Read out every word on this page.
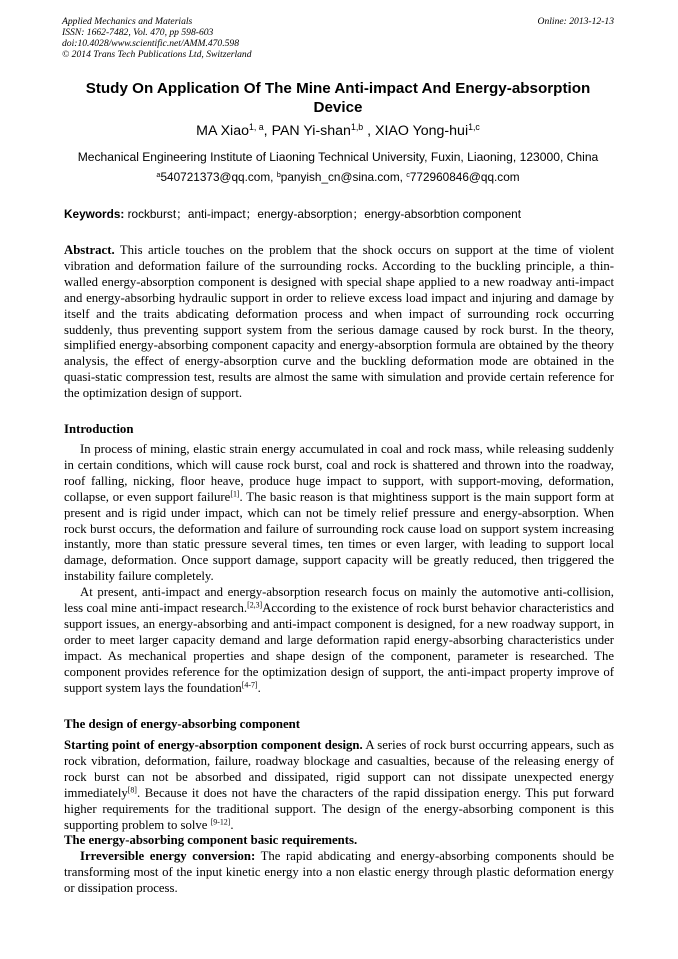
Applied Mechanics and Materials
ISSN: 1662-7482, Vol. 470, pp 598-603
doi:10.4028/www.scientific.net/AMM.470.598
© 2014 Trans Tech Publications Ltd, Switzerland
Online: 2013-12-13
Study On Application Of The Mine Anti-impact And Energy-absorption Device
MA Xiao$^{1, a}$, PAN Yi-shan$^{1,b}$ , XIAO Yong-hui$^{1,c}$
Mechanical Engineering Institute of Liaoning Technical University, Fuxin, Liaoning, 123000, China
$^a$540721373@qq.com, $^b$panyish_cn@sina.com, $^c$772960846@qq.com
Keywords: rockburst；anti-impact；energy-absorption；energy-absorbtion component

Abstract. This article touches on the problem that the shock occurs on support at the time of violent vibration and deformation failure of the surrounding rocks. According to the buckling principle, a thin-walled energy-absorption component is designed with special shape applied to a new roadway anti-impact and energy-absorbing hydraulic support in order to relieve excess load impact and injuring and damage by itself and the traits abdicating deformation process and when impact of surrounding rock occurring suddenly, thus preventing support system from the serious damage caused by rock burst. In the theory, simplified energy-absorbing component capacity and energy-absorption formula are obtained by the theory analysis, the effect of energy-absorption curve and the buckling deformation mode are obtained in the quasi-static compression test, results are almost the same with simulation and provide certain reference for the optimization design of support.

Introduction

In process of mining, elastic strain energy accumulated in coal and rock mass, while releasing suddenly in certain conditions, which will cause rock burst, coal and rock is shattered and thrown into the roadway, roof falling, nicking, floor heave, produce huge impact to support, with support-moving, deformation, collapse, or even support failure[1]. The basic reason is that mightiness support is the main support form at present and is rigid under impact, which can not be timely relief pressure and energy-absorption. When rock burst occurs, the deformation and failure of surrounding rock cause load on support system increasing instantly, more than static pressure several times, ten times or even larger, with leading to support local damage, deformation. Once support damage, support capacity will be greatly reduced, then triggered the instability failure completely.

At present, anti-impact and energy-absorption research focus on mainly the automotive anti-collision, less coal mine anti-impact research.[2,3]According to the existence of rock burst behavior characteristics and support issues, an energy-absorbing and anti-impact component is designed, for a new roadway support, in order to meet larger capacity demand and large deformation rapid energy-absorbing characteristics under impact. As mechanical properties and shape design of the component, parameter is researched. The component provides reference for the optimization design of support, the anti-impact property improve of support system lays the foundation[4-7].

The design of energy-absorbing component

Starting point of energy-absorption component design. A series of rock burst occurring appears, such as rock vibration, deformation, failure, roadway blockage and casualties, because of the releasing energy of rock burst can not be absorbed and dissipated, rigid support can not dissipate unexpected energy immediately[8]. Because it does not have the characters of the rapid dissipation energy. This put forward higher requirements for the traditional support. The design of the energy-absorbing component is this supporting problem to solve [9-12].

The energy-absorbing component basic requirements.

Irreversible energy conversion: The rapid abdicating and energy-absorbing components should be transforming most of the input kinetic energy into a non elastic energy through plastic deformation energy or dissipation process.
